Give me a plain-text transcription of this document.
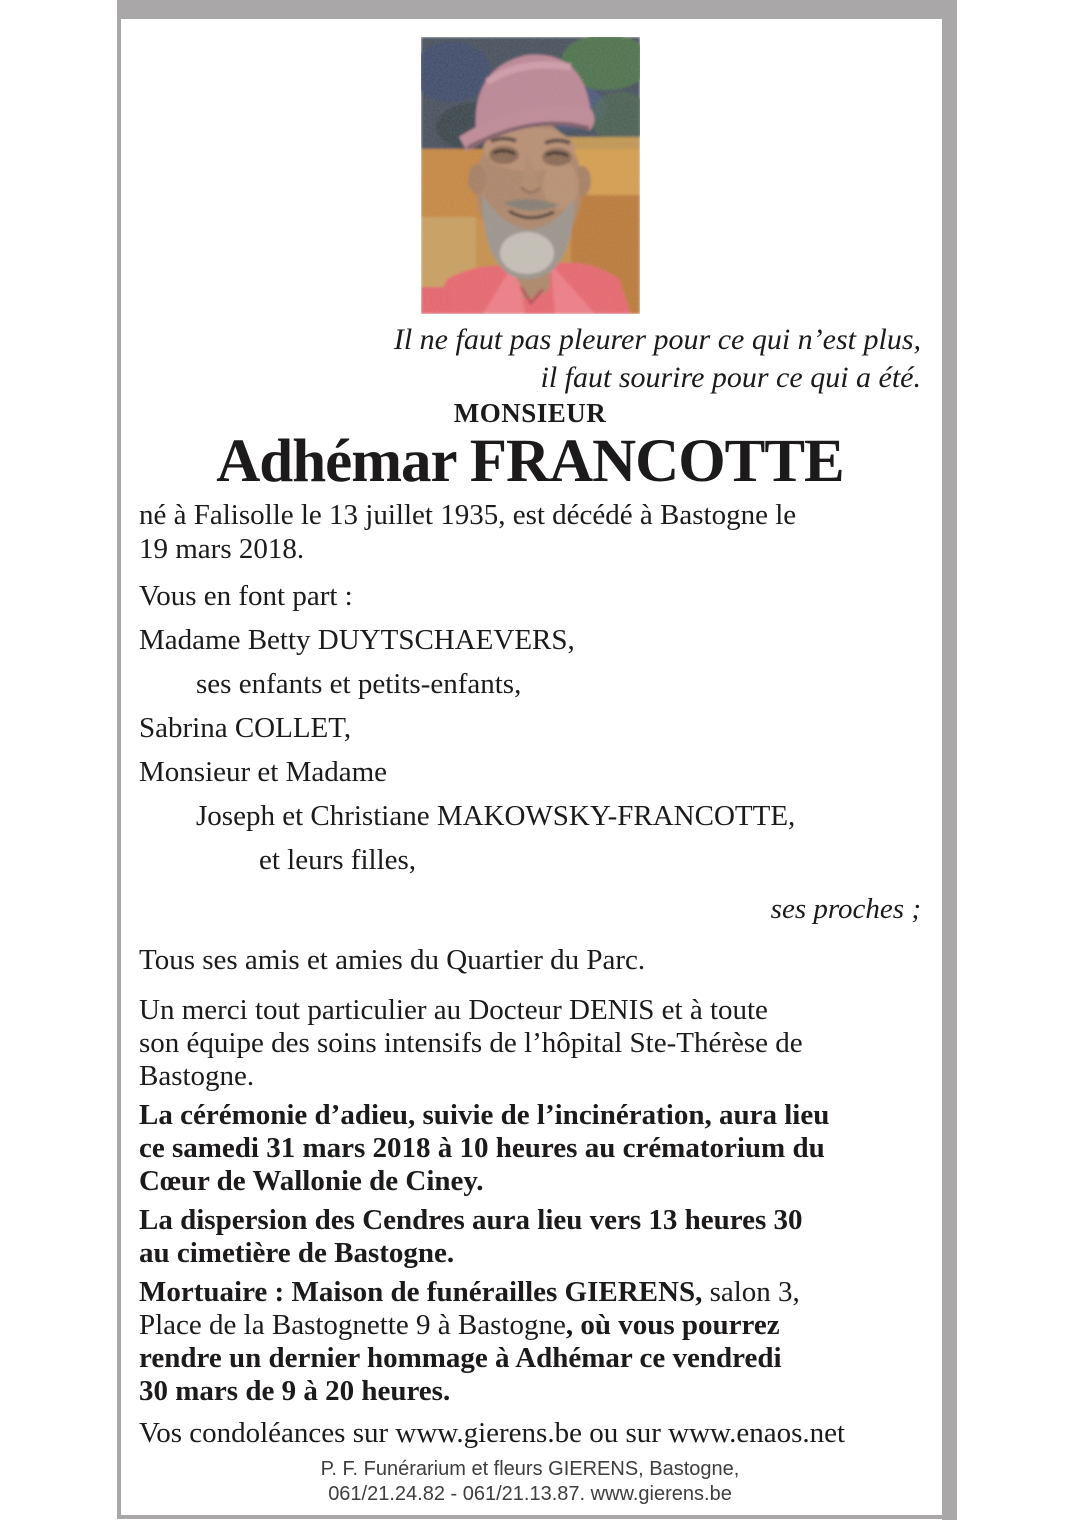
Il ne faut pas pleurer pour ce qui n’est plus,
il faut sourire pour ce qui a été.
MONSIEUR
Adhémar FRANCOTTE
né à Falisolle le 13 juillet 1935, est décédé à Bastogne le
19 mars 2018.
Vous en font part :
Madame Betty DUYTSCHAEVERS,
ses enfants et petits-enfants,
Sabrina COLLET,
Monsieur et Madame
Joseph et Christiane MAKOWSKY-FRANCOTTE,
et leurs filles,
ses proches ;
Tous ses amis et amies du Quartier du Parc.
Un merci tout particulier au Docteur DENIS et à toute
son équipe des soins intensifs de l’hôpital Ste-Thérèse de
Bastogne.
La cérémonie d’adieu, suivie de l’incinération, aura lieu
ce samedi 31 mars 2018 à 10 heures au crématorium du
Cœur de Wallonie de Ciney.
La dispersion des Cendres aura lieu vers 13 heures 30
au cimetière de Bastogne.
Mortuaire : Maison de funérailles GIERENS, salon 3,
Place de la Bastognette 9 à Bastogne, où vous pourrez
rendre un dernier hommage à Adhémar ce vendredi
30 mars de 9 à 20 heures.
Vos condoléances sur www.gierens.be ou sur www.enaos.net
P. F. Funérarium et fleurs GIERENS, Bastogne,
061/21.24.82 - 061/21.13.87. www.gierens.be
